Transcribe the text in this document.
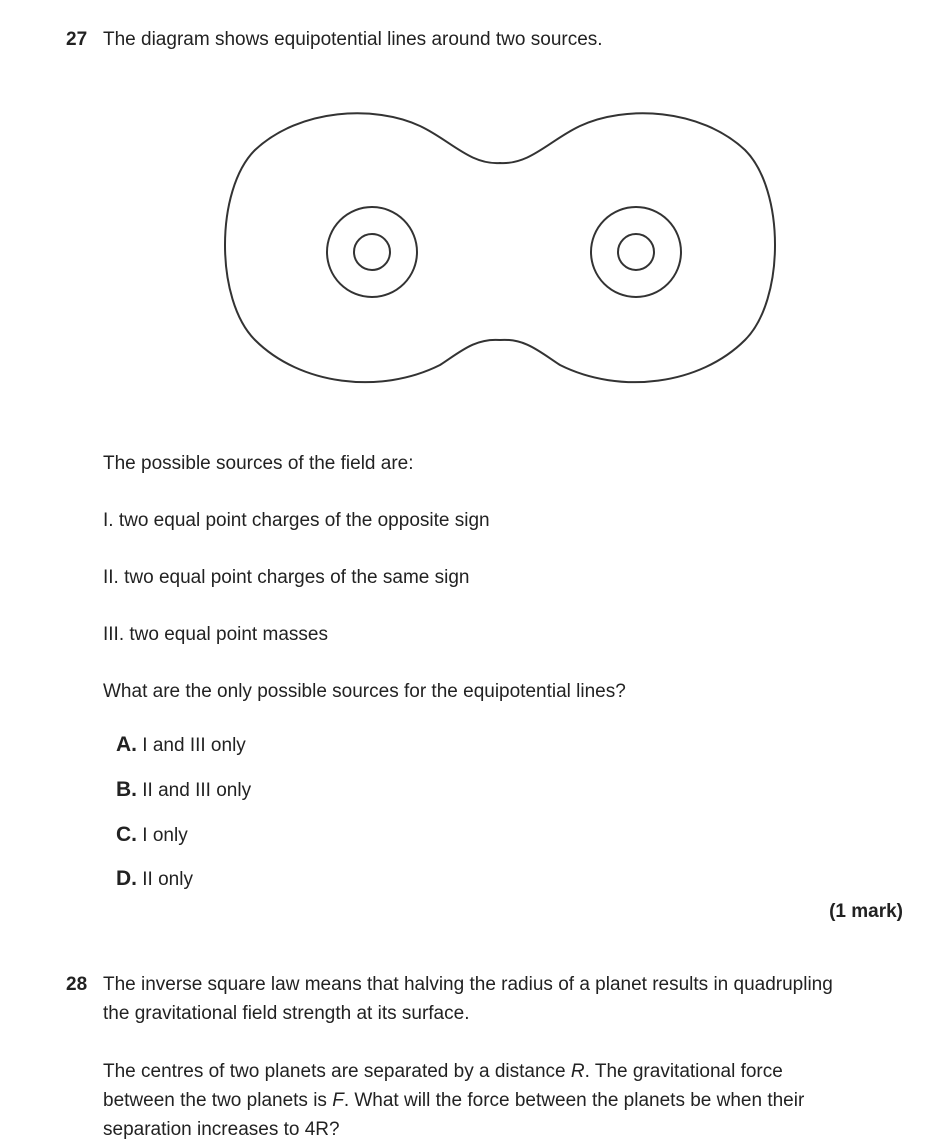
27 The diagram shows equipotential lines around two sources.
The possible sources of the field are:
I. two equal point charges of the opposite sign
II. two equal point charges of the same sign
III. two equal point masses
What are the only possible sources for the equipotential lines?
A. I and III only
B. II and III only
C. I only
D. II only
(1 mark)
28 The inverse square law means that halving the radius of a planet results in quadrupling
the gravitational field strength at its surface.
The centres of two planets are separated by a distance R. The gravitational force
between the two planets is F. What will the force between the planets be when their
separation increases to 4R?
